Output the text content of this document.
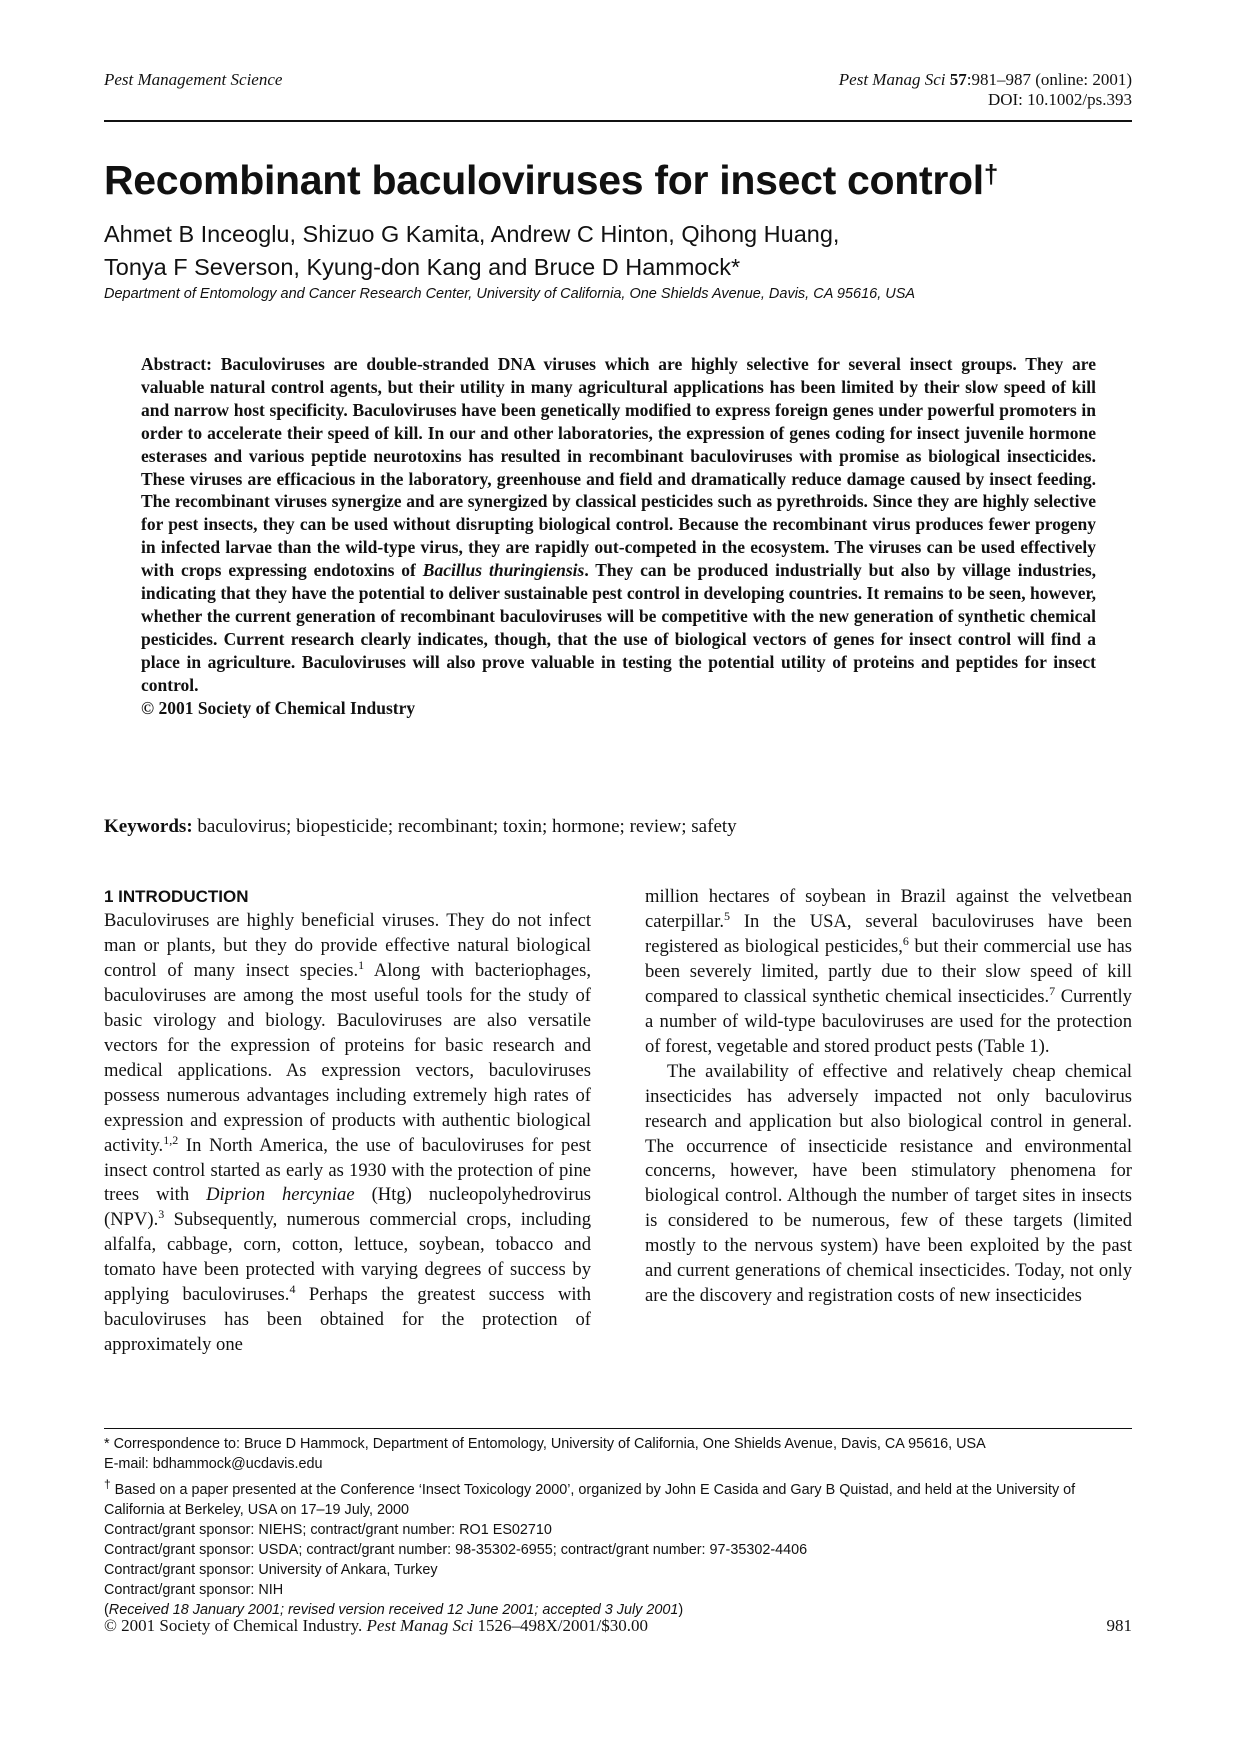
Pest Management Science	Pest Manag Sci 57:981–987 (online: 2001)
DOI: 10.1002/ps.393
Recombinant baculoviruses for insect control†
Ahmet B Inceoglu, Shizuo G Kamita, Andrew C Hinton, Qihong Huang,
Tonya F Severson, Kyung-don Kang and Bruce D Hammock*
Department of Entomology and Cancer Research Center, University of California, One Shields Avenue, Davis, CA 95616, USA

Abstract: Baculoviruses are double-stranded DNA viruses which are highly selective for several insect groups. They are valuable natural control agents, but their utility in many agricultural applications has been limited by their slow speed of kill and narrow host specificity. Baculoviruses have been genetically modified to express foreign genes under powerful promoters in order to accelerate their speed of kill. In our and other laboratories, the expression of genes coding for insect juvenile hormone esterases and various peptide neurotoxins has resulted in recombinant baculoviruses with promise as biological insecticides. These viruses are efficacious in the laboratory, greenhouse and field and dramatically reduce damage caused by insect feeding. The recombinant viruses synergize and are synergized by classical pesticides such as pyrethroids. Since they are highly selective for pest insects, they can be used without disrupting biological control. Because the recombinant virus produces fewer progeny in infected larvae than the wild-type virus, they are rapidly out-competed in the ecosystem. The viruses can be used effectively with crops expressing endotoxins of Bacillus thuringiensis. They can be produced industrially but also by village industries, indicating that they have the potential to deliver sustainable pest control in developing countries. It remains to be seen, however, whether the current generation of recombinant baculoviruses will be competitive with the new generation of synthetic chemical pesticides. Current research clearly indicates, though, that the use of biological vectors of genes for insect control will find a place in agriculture. Baculoviruses will also prove valuable in testing the potential utility of proteins and peptides for insect control.

© 2001 Society of Chemical Industry
Keywords: baculovirus; biopesticide; recombinant; toxin; hormone; review; safety
1 INTRODUCTION

Baculoviruses are highly beneficial viruses. They do not infect man or plants, but they do provide effective natural biological control of many insect species.$^1$ Along with bacteriophages, baculoviruses are among the most useful tools for the study of basic virology and biology. Baculoviruses are also versatile vectors for the expression of proteins for basic research and medical applications. As expression vectors, baculoviruses possess numerous advantages including extremely high rates of expression and expression of products with authentic biological activity.$^{1,2}$ In North America, the use of baculoviruses for pest insect control started as early as 1930 with the protection of pine trees with Diprion hercyniae (Htg) nucleopolyhedrovirus (NPV).$^3$ Subsequently, numerous commercial crops, including alfalfa, cabbage, corn, cotton, lettuce, soybean, tobacco and tomato have been protected with varying degrees of success by applying baculoviruses.$^4$ Perhaps the greatest success with baculoviruses has been obtained for the protection of approximately one

million hectares of soybean in Brazil against the velvetbean caterpillar.$^5$ In the USA, several baculoviruses have been registered as biological pesticides,$^6$ but their commercial use has been severely limited, partly due to their slow speed of kill compared to classical synthetic chemical insecticides.$^7$ Currently a number of wild-type baculoviruses are used for the protection of forest, vegetable and stored product pests (Table 1).

The availability of effective and relatively cheap chemical insecticides has adversely impacted not only baculovirus research and application but also biological control in general. The occurrence of insecticide resistance and environmental concerns, however, have been stimulatory phenomena for biological control. Although the number of target sites in insects is considered to be numerous, few of these targets (limited mostly to the nervous system) have been exploited by the past and current generations of chemical insecticides. Today, not only are the discovery and registration costs of new insecticides

* Correspondence to: Bruce D Hammock, Department of Entomology, University of California, One Shields Avenue, Davis, CA 95616, USA

E-mail: bdhammock@ucdavis.edu

† Based on a paper presented at the Conference ‘Insect Toxicology 2000’, organized by John E Casida and Gary B Quistad, and held at the University of California at Berkeley, USA on 17–19 July, 2000

Contract/grant sponsor: NIEHS; contract/grant number: RO1 ES02710

Contract/grant sponsor: USDA; contract/grant number: 98-35302-6955; contract/grant number: 97-35302-4406

Contract/grant sponsor: University of Ankara, Turkey

Contract/grant sponsor: NIH

(Received 18 January 2001; revised version received 12 June 2001; accepted 3 July 2001)

© 2001 Society of Chemical Industry. Pest Manag Sci 1526–498X/2001/$30.00	981
